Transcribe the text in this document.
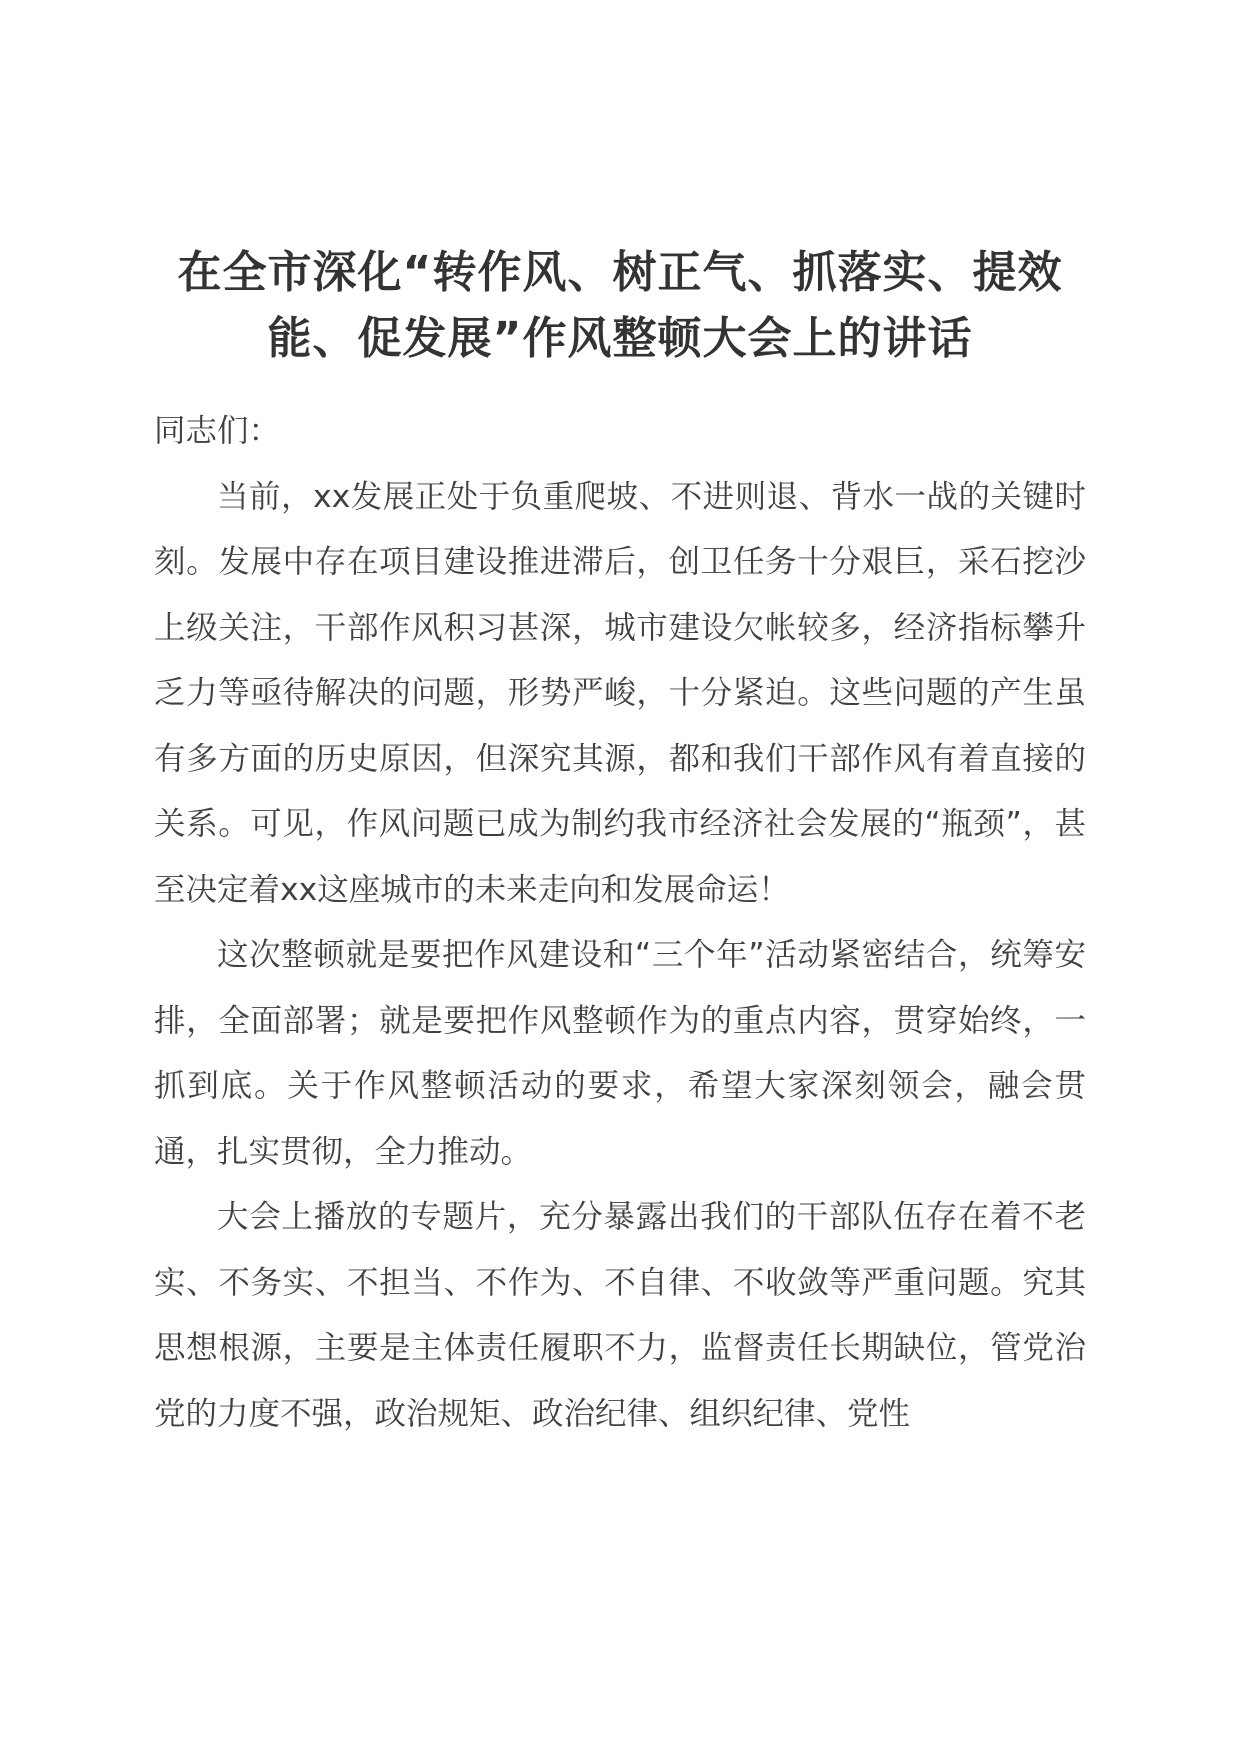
在全市深化“转作风、树正气、抓落实、提效能、促发展”作风整顿大会上的讲话

同志们：

当前，xx发展正处于负重爬坡、不进则退、背水一战的关键时刻。发展中存在项目建设推进滞后，创卫任务十分艰巨，采石挖沙上级关注，干部作风积习甚深，城市建设欠帐较多，经济指标攀升乏力等亟待解决的问题，形势严峻，十分紧迫。这些问题的产生虽有多方面的历史原因，但深究其源，都和我们干部作风有着直接的关系。可见，作风问题已成为制约我市经济社会发展的“瓶颈”，甚至决定着xx这座城市的未来走向和发展命运！

这次整顿就是要把作风建设和“三个年”活动紧密结合，统筹安排，全面部署；就是要把作风整顿作为的重点内容，贯穿始终，一抓到底。关于作风整顿活动的要求，希望大家深刻领会，融会贯通，扎实贯彻，全力推动。

大会上播放的专题片，充分暴露出我们的干部队伍存在着不老实、不务实、不担当、不作为、不自律、不收敛等严重问题。究其思想根源，主要是主体责任履职不力，监督责任长期缺位，管党治党的力度不强，政治规矩、政治纪律、组织纪律、党性
